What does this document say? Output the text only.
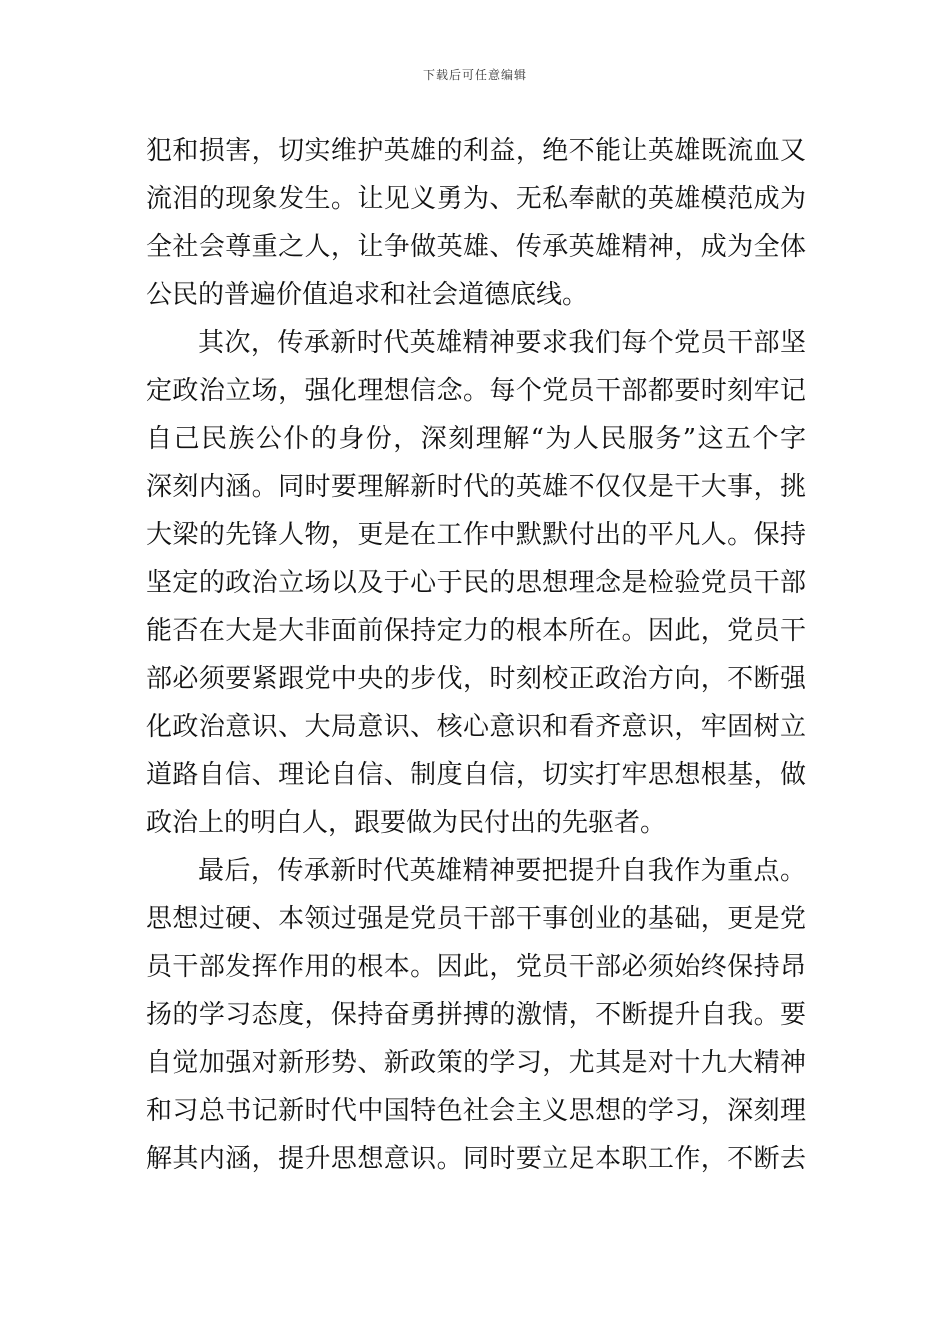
下载后可任意编辑
犯和损害，切实维护英雄的利益，绝不能让英雄既流血又
流泪的现象发生。让见义勇为、无私奉献的英雄模范成为
全社会尊重之人，让争做英雄、传承英雄精神，成为全体
公民的普遍价值追求和社会道德底线。
其次，传承新时代英雄精神要求我们每个党员干部坚
定政治立场，强化理想信念。每个党员干部都要时刻牢记
自己民族公仆的身份，深刻理解“为人民服务”这五个字
深刻内涵。同时要理解新时代的英雄不仅仅是干大事，挑
大梁的先锋人物，更是在工作中默默付出的平凡人。保持
坚定的政治立场以及于心于民的思想理念是检验党员干部
能否在大是大非面前保持定力的根本所在。因此，党员干
部必须要紧跟党中央的步伐，时刻校正政治方向，不断强
化政治意识、大局意识、核心意识和看齐意识，牢固树立
道路自信、理论自信、制度自信，切实打牢思想根基，做
政治上的明白人，跟要做为民付出的先驱者。
最后，传承新时代英雄精神要把提升自我作为重点。
思想过硬、本领过强是党员干部干事创业的基础，更是党
员干部发挥作用的根本。因此，党员干部必须始终保持昂
扬的学习态度，保持奋勇拼搏的激情，不断提升自我。要
自觉加强对新形势、新政策的学习，尤其是对十九大精神
和习总书记新时代中国特色社会主义思想的学习，深刻理
解其内涵，提升思想意识。同时要立足本职工作，不断去
